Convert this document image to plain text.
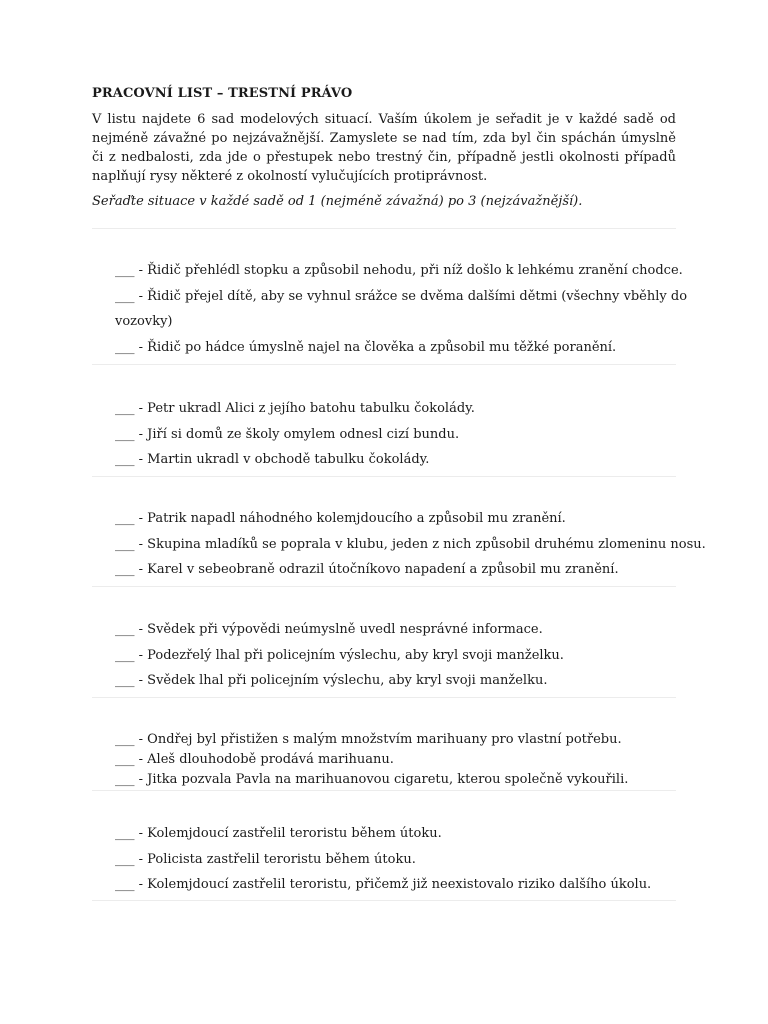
PRACOVNÍ LIST – TRESTNÍ PRÁVO
V listu najdete 6 sad modelových situací. Vaším úkolem je seřadit je v každé sadě od nejméně závažné po nejzávažnější. Zamyslete se nad tím, zda byl čin spáchán úmyslně či z nedbalosti, zda jde o přestupek nebo trestný čin, případně jestli okolnosti případů naplňují rysy některé z okolností vylučujících protiprávnost.
Seřaďte situace v každé sadě od 1 (nejméně závažná) po 3 (nejzávažnější).
___ - Řidič přehlédl stopku a způsobil nehodu, při níž došlo k lehkému zranění chodce.
___ - Řidič přejel dítě, aby se vyhnul srážce se dvěma dalšími dětmi (všechny vběhly do vozovky)
___ - Řidič po hádce úmyslně najel na člověka a způsobil mu těžké poranění.
___ - Petr ukradl Alici z jejího batohu tabulku čokolády.
___ - Jiří si domů ze školy omylem odnesl cizí bundu.
___ - Martin ukradl v obchodě tabulku čokolády.
___ - Patrik napadl náhodného kolemjdoucího a způsobil mu zranění.
___ - Skupina mladíků se poprala v klubu, jeden z nich způsobil druhému zlomeninu nosu.
___ - Karel v sebeobraně odrazil útočníkovo napadení a způsobil mu zranění.
___ - Svědek při výpovědi neúmyslně uvedl nesprávné informace.
___ - Podezřelý lhal při policejním výslechu, aby kryl svoji manželku.
___ - Svědek lhal při policejním výslechu, aby kryl svoji manželku.
___ - Ondřej byl přistižen s malým množstvím marihuany pro vlastní potřebu.
___ - Aleš dlouhodobě prodává marihuanu.
___ - Jitka pozvala Pavla na marihuanovou cigaretu, kterou společně vykouřili.
___ - Kolemjdoucí zastřelil teroristu během útoku.
___ - Policista zastřelil teroristu během útoku.
___ - Kolemjdoucí zastřelil teroristu, přičemž již neexistovalo riziko dalšího úkolu.
